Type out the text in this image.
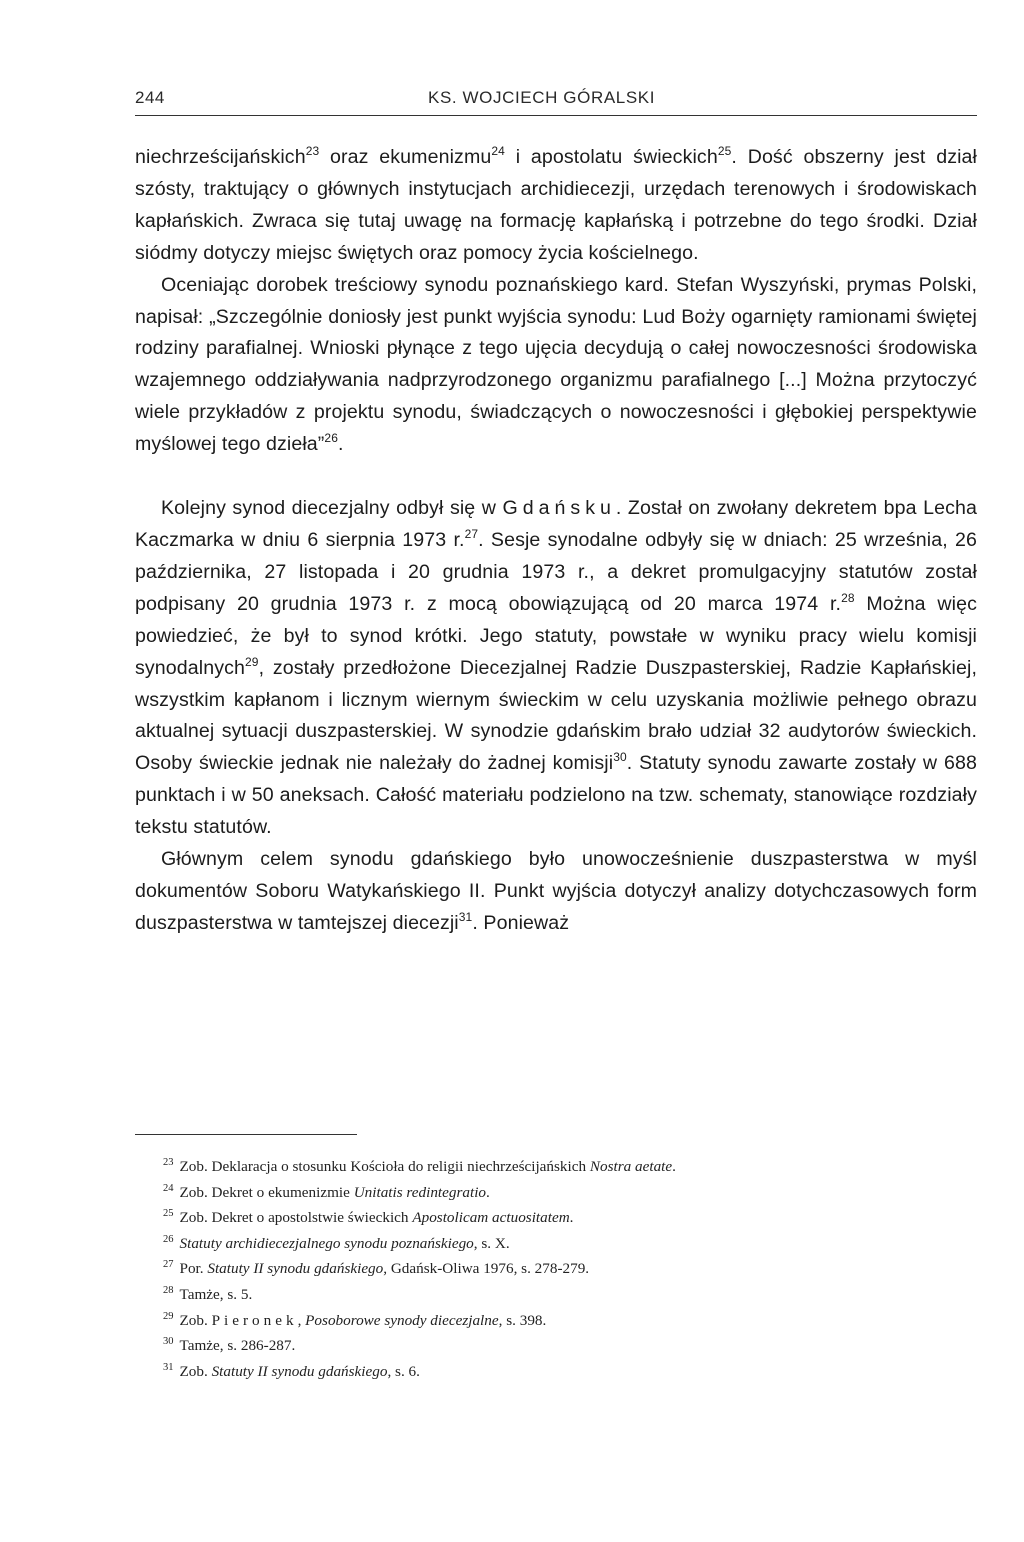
244	KS. WOJCIECH GÓRALSKI

niechrześcijańskich$^{23}$ oraz ekumenizmu$^{24}$ i apostolatu świeckich$^{25}$. Dość obszerny jest dział szósty, traktujący o głównych instytucjach archidiecezji, urzędach terenowych i środowiskach kapłańskich. Zwraca się tutaj uwagę na formację kapłańską i potrzebne do tego środki. Dział siódmy dotyczy miejsc świętych oraz pomocy życia kościelnego.

Oceniając dorobek treściowy synodu poznańskiego kard. Stefan Wyszyński, prymas Polski, napisał: „Szczególnie doniosły jest punkt wyjścia synodu: Lud Boży ogarnięty ramionami świętej rodziny parafialnej. Wnioski płynące z tego ujęcia decydują o całej nowoczesności środowiska wzajemnego oddziaływania nadprzyrodzonego organizmu parafialnego [...] Można przytoczyć wiele przykładów z projektu synodu, świadczących o nowoczesności i głębokiej perspektywie myślowej tego dzieła”$^{26}$.

Kolejny synod diecezjalny odbył się w Gdańsku. Został on zwołany dekretem bpa Lecha Kaczmarka w dniu 6 sierpnia 1973 r.$^{27}$. Sesje synodalne odbyły się w dniach: 25 września, 26 października, 27 listopada i 20 grudnia 1973 r., a dekret promulgacyjny statutów został podpisany 20 grudnia 1973 r. z mocą obowiązującą od 20 marca 1974 r.$^{28}$ Można więc powiedzieć, że był to synod krótki. Jego statuty, powstałe w wyniku pracy wielu komisji synodalnych$^{29}$, zostały przedłożone Diecezjalnej Radzie Duszpasterskiej, Radzie Kapłańskiej, wszystkim kapłanom i licznym wiernym świeckim w celu uzyskania możliwie pełnego obrazu aktualnej sytuacji duszpasterskiej. W synodzie gdańskim brało udział 32 audytorów świeckich. Osoby świeckie jednak nie należały do żadnej komisji$^{30}$. Statuty synodu zawarte zostały w 688 punktach i w 50 aneksach. Całość materiału podzielono na tzw. schematy, stanowiące rozdziały tekstu statutów.

Głównym celem synodu gdańskiego było unowocześnienie duszpasterstwa w myśl dokumentów Soboru Watykańskiego II. Punkt wyjścia dotyczył analizy dotychczasowych form duszpasterstwa w tamtejszej diecezji$^{31}$. Ponieważ

23 Zob. Deklaracja o stosunku Kościoła do religii niechrześcijańskich Nostra aetate.
24 Zob. Dekret o ekumenizmie Unitatis redintegratio.
25 Zob. Dekret o apostolstwie świeckich Apostolicam actuositatem.
26 Statuty archidiecezjalnego synodu poznańskiego, s. X.
27 Por. Statuty II synodu gdańskiego, Gdańsk-Oliwa 1976, s. 278-279.
28 Tamże, s. 5.
29 Zob. Pieronek, Posoborowe synody diecezjalne, s. 398.
30 Tamże, s. 286-287.
31 Zob. Statuty II synodu gdańskiego, s. 6.
